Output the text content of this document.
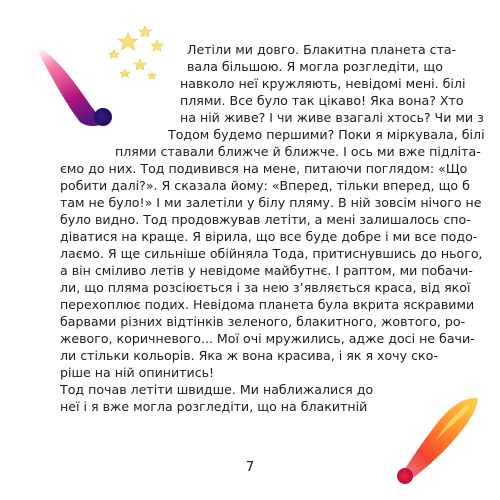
Летіли ми довго. Блакитна планета ста-

вала більшою. Я могла розгледіти, що

навколо неї кружляють, невідомі мені. білі

плями. Все було так цікаво! Яка вона? Хто

на ній живе? І чи живе взагалі хтось? Чи ми з

Тодом будемо першими? Поки я міркувала, білі

плями ставали ближче й ближче. І ось ми вже підліта-

ємо до них. Тод подивився на мене, питаючи поглядом: «Що

робити далі?». Я сказала йому: «Вперед, тільки вперед, що б

там не було!» І ми залетіли у білу пляму. В ній зовсім нічого не

було видно. Тод продовжував летіти, а мені залишалось спо-

діватися на краще. Я вірила, що все буде добре і ми все подо-

лаємо. Я ще сильніше обійняла Тода, притиснувшись до нього,

а він сміливо летів у невідоме майбутнє. І раптом, ми побачи-

ли, що пляма розсіюється і за нею з’являється краса, від якої

перехоплює подих. Невідома планета була вкрита яскравими

барвами різних відтінків зеленого, блакитного, жовтого, ро-

жевого, коричневого... Мої очі мружились, адже досі не бачи-

ли стільки кольорів. Яка ж вона красива, і як я хочу ско-

ріше на ній опинитись!

Тод почав летіти швидше. Ми наближалися до

неї і я вже могла розгледіти, що на блакитній

7
